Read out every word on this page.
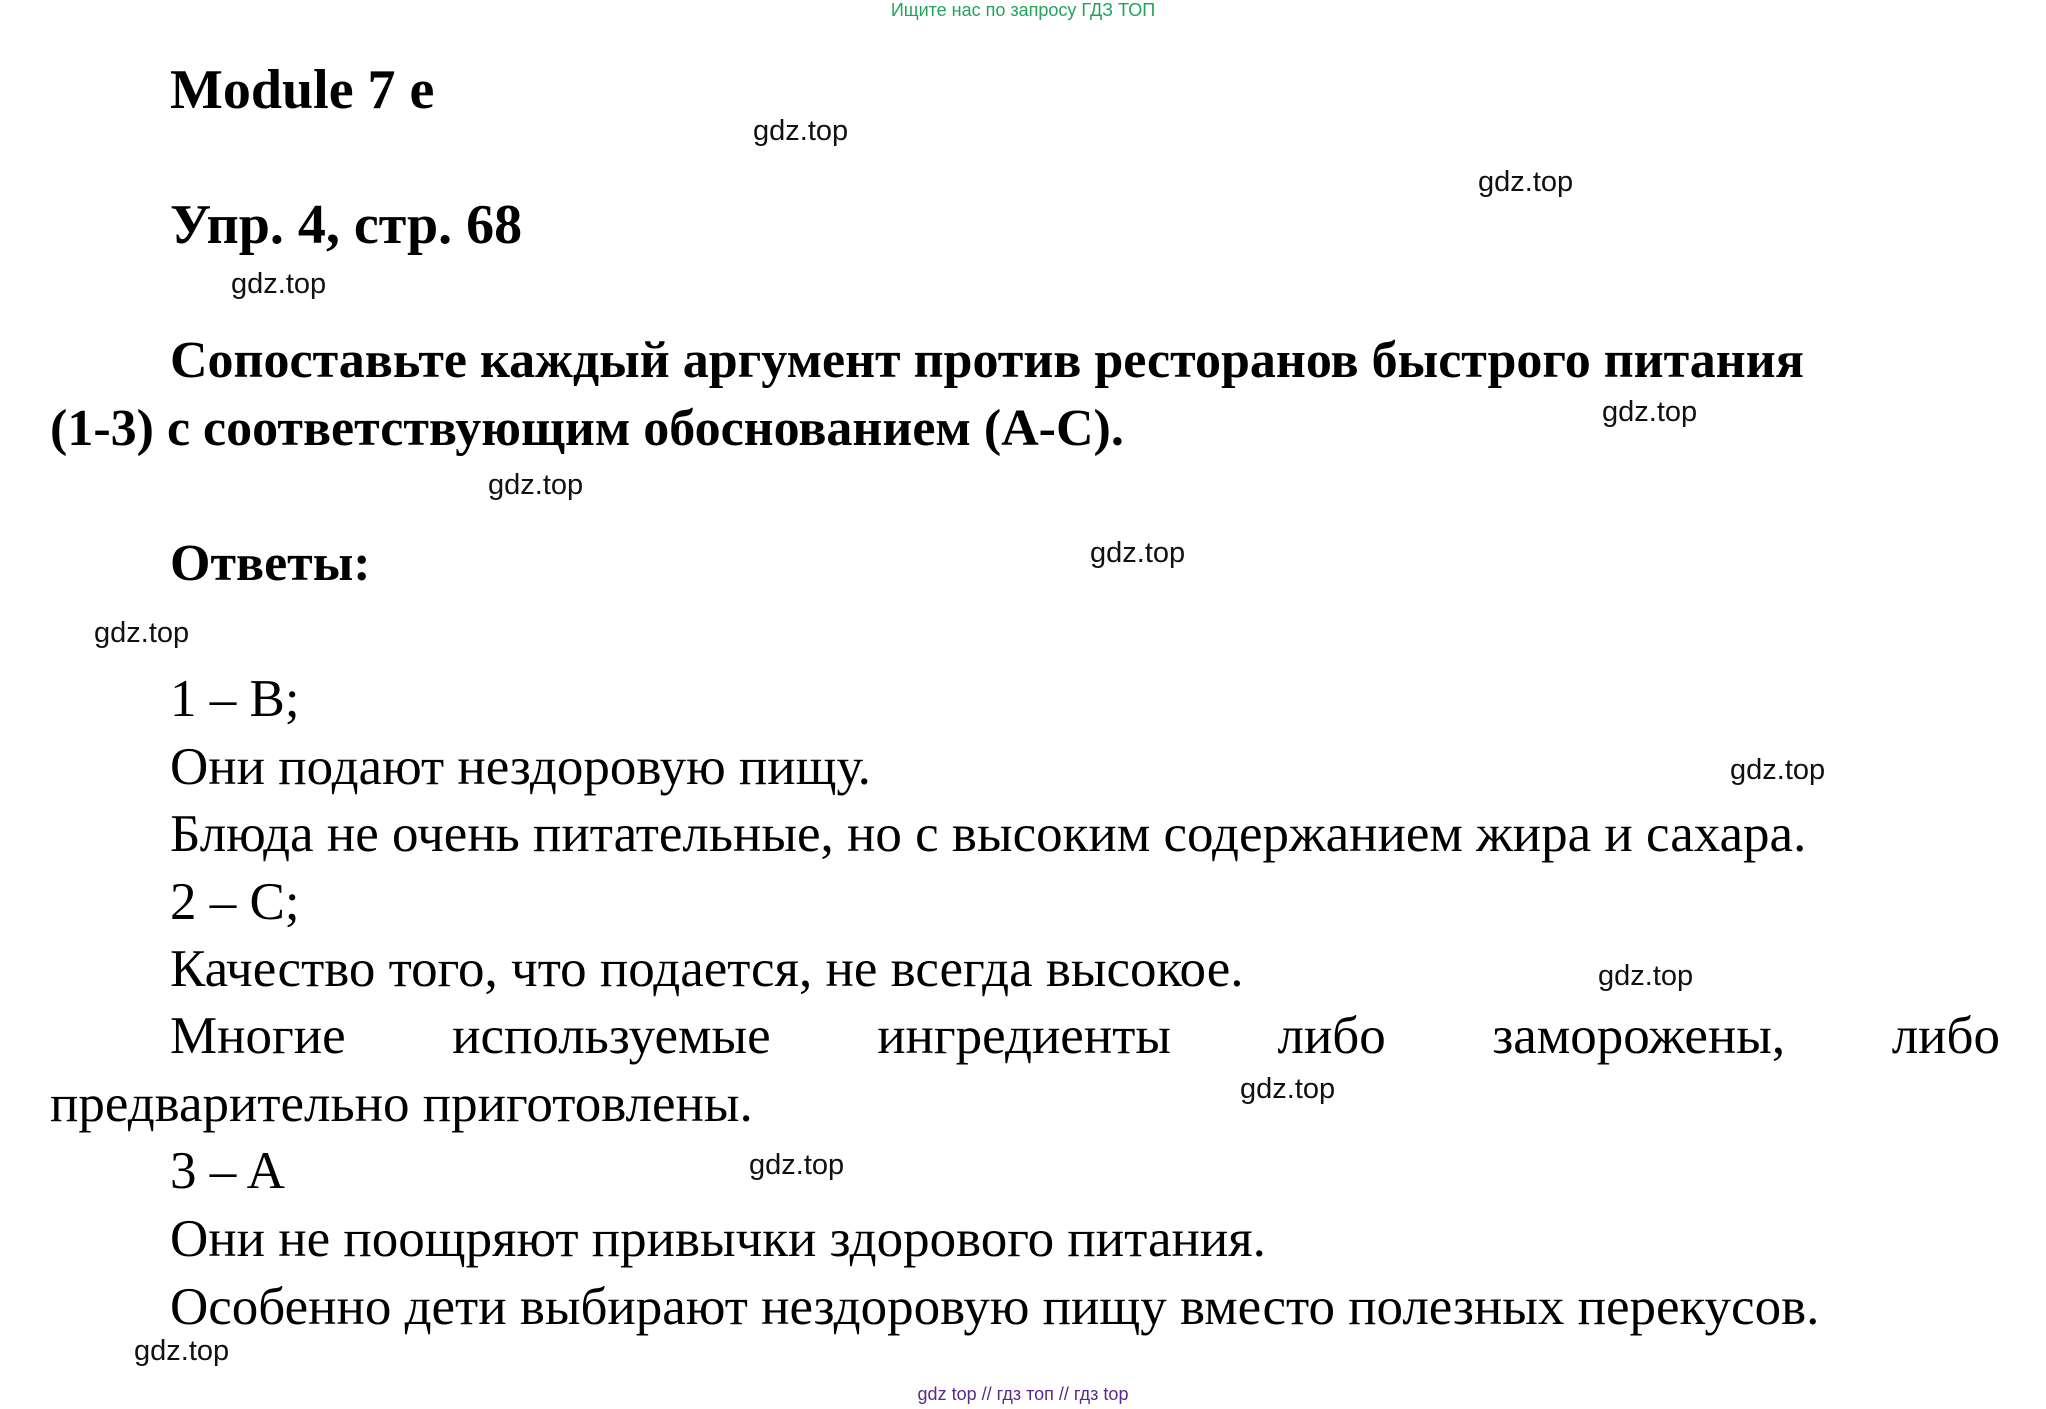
Ищите нас по запросу ГДЗ ТОП
Module 7 e
Упр. 4, стр. 68
Сопоставьте каждый аргумент против ресторанов быстрого питания
(1-3) с соответствующим обоснованием (A-C).
Ответы:
1 – B;
Они подают нездоровую пищу.
Блюда не очень питательные, но с высоким содержанием жира и сахара.
2 – C;
Качество того, что подается, не всегда высокое.
Многие используемые ингредиенты либо заморожены, либо
предварительно приготовлены.
3 – A
Они не поощряют привычки здорового питания.
Особенно дети выбирают нездоровую пищу вместо полезных перекусов.
gdz.top
gdz.top
gdz.top
gdz.top
gdz.top
gdz.top
gdz.top
gdz.top
gdz.top
gdz.top
gdz.top
gdz.top
gdz top // гдз топ // гдз top
